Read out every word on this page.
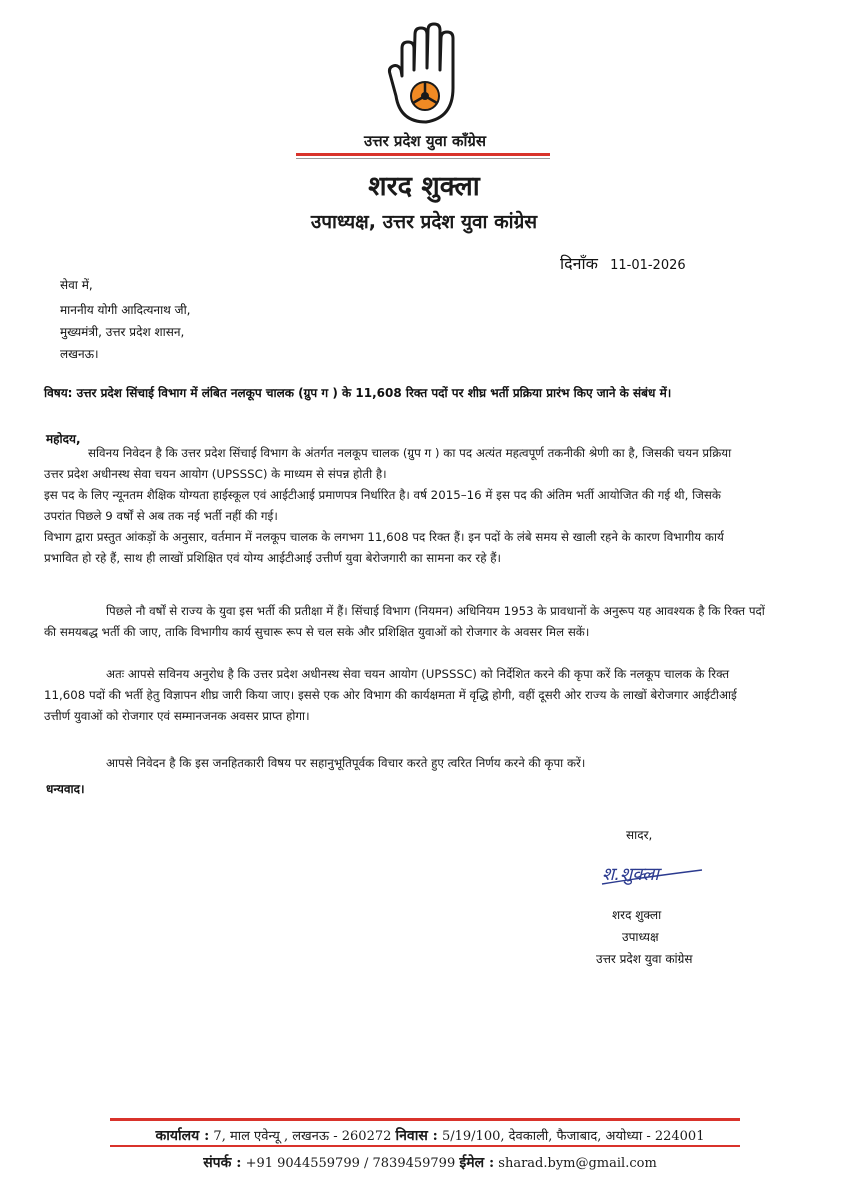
उत्तर प्रदेश युवा कॉंग्रेस
शरद शुक्ला
उपाध्यक्ष, उत्तर प्रदेश युवा कांग्रेस
दिनाँक 11-01-2026
सेवा में,
माननीय योगी आदित्यनाथ जी,
मुख्यमंत्री, उत्तर प्रदेश शासन,
लखनऊ।
विषय: उत्तर प्रदेश सिंचाई विभाग में लंबित नलकूप चालक (ग्रुप ग ) के 11,608 रिक्त पदों पर शीघ्र भर्ती प्रक्रिया प्रारंभ किए जाने के संबंध में।
महोदय,

सविनय निवेदन है कि उत्तर प्रदेश सिंचाई विभाग के अंतर्गत नलकूप चालक (ग्रुप ग ) का पद अत्यंत महत्वपूर्ण तकनीकी श्रेणी का है, जिसकी चयन प्रक्रिया

उत्तर प्रदेश अधीनस्थ सेवा चयन आयोग (UPSSSC) के माध्यम से संपन्न होती है।

इस पद के लिए न्यूनतम शैक्षिक योग्यता हाईस्कूल एवं आईटीआई प्रमाणपत्र निर्धारित है। वर्ष 2015–16 में इस पद की अंतिम भर्ती आयोजित की गई थी, जिसके

उपरांत पिछले 9 वर्षों से अब तक नई भर्ती नहीं की गई।

विभाग द्वारा प्रस्तुत आंकड़ों के अनुसार, वर्तमान में नलकूप चालक के लगभग 11,608 पद रिक्त हैं। इन पदों के लंबे समय से खाली रहने के कारण विभागीय कार्य

प्रभावित हो रहे हैं, साथ ही लाखों प्रशिक्षित एवं योग्य आईटीआई उत्तीर्ण युवा बेरोजगारी का सामना कर रहे हैं।

पिछले नौ वर्षों से राज्य के युवा इस भर्ती की प्रतीक्षा में हैं। सिंचाई विभाग (नियमन) अधिनियम 1953 के प्रावधानों के अनुरूप यह आवश्यक है कि रिक्त पदों

की समयबद्ध भर्ती की जाए, ताकि विभागीय कार्य सुचारू रूप से चल सके और प्रशिक्षित युवाओं को रोजगार के अवसर मिल सकें।

अतः आपसे सविनय अनुरोध है कि उत्तर प्रदेश अधीनस्थ सेवा चयन आयोग (UPSSSC) को निर्देशित करने की कृपा करें कि नलकूप चालक के रिक्त

11,608 पदों की भर्ती हेतु विज्ञापन शीघ्र जारी किया जाए। इससे एक ओर विभाग की कार्यक्षमता में वृद्धि होगी, वहीं दूसरी ओर राज्य के लाखों बेरोजगार आईटीआई

उत्तीर्ण युवाओं को रोजगार एवं सम्मानजनक अवसर प्राप्त होगा।

आपसे निवेदन है कि इस जनहितकारी विषय पर सहानुभूतिपूर्वक विचार करते हुए त्वरित निर्णय करने की कृपा करें।

धन्यवाद।
सादर,
श.शुक्ला
शरद शुक्ला
उपाध्यक्ष
उत्तर प्रदेश युवा कांग्रेस
कार्यालय : 7, माल एवेन्यू , लखनऊ - 260272 निवास : 5/19/100, देवकाली, फैजाबाद, अयोध्या - 224001
संपर्क : +91 9044559799 / 7839459799 ईमेल : sharad.bym@gmail.com
